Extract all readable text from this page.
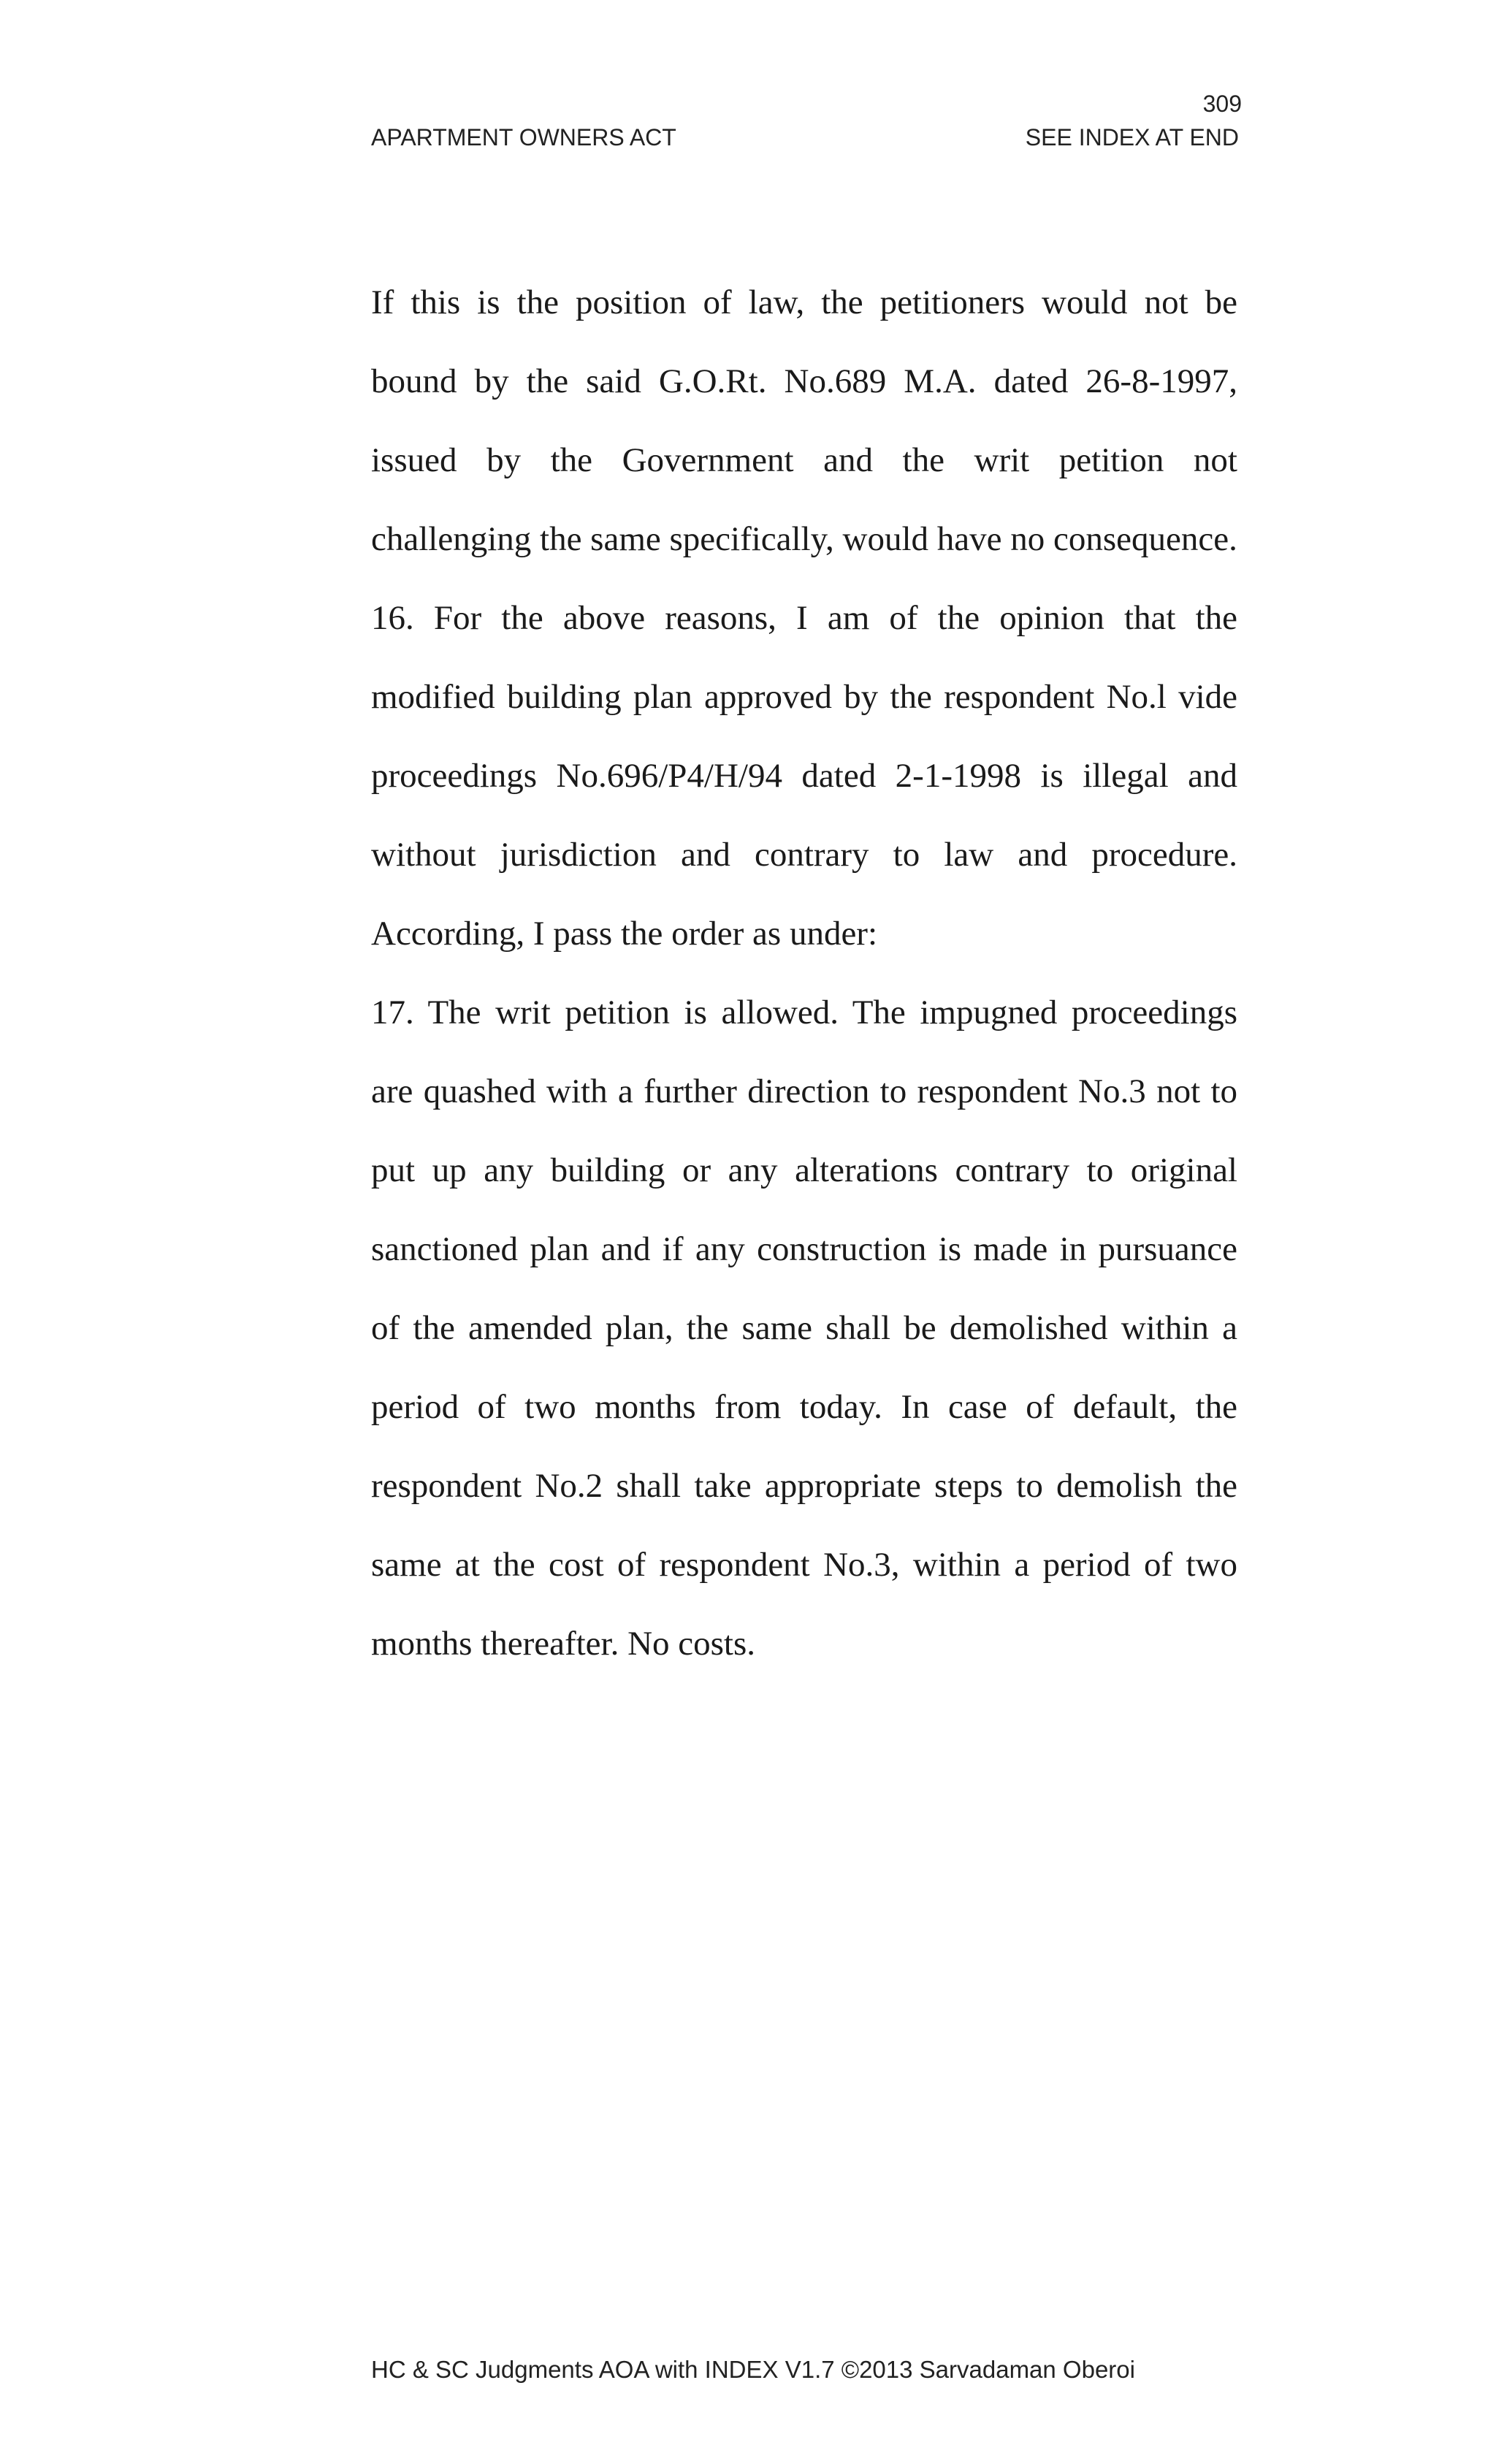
309
APARTMENT OWNERS ACT	SEE INDEX AT END

If this is the position of law, the petitioners would not be bound by the said G.O.Rt. No.689 M.A. dated 26-8-1997, issued by the Government and the writ petition not challenging the same specifically, would have no consequence.

16. For the above reasons, I am of the opinion that the modified building plan approved by the respondent No.l vide proceedings No.696/P4/H/94 dated 2-1-1998 is illegal and without jurisdiction and contrary to law and procedure. According, I pass the order as under:

17. The writ petition is allowed. The impugned proceedings are quashed with a further direction to respondent No.3 not to put up any building or any alterations contrary to original sanctioned plan and if any construction is made in pursuance of the amended plan, the same shall be demolished within a period of two months from today. In case of default, the respondent No.2 shall take appropriate steps to demolish the same at the cost of respondent No.3, within a period of two months thereafter. No costs.

HC & SC Judgments AOA with INDEX V1.7 ©2013 Sarvadaman Oberoi
